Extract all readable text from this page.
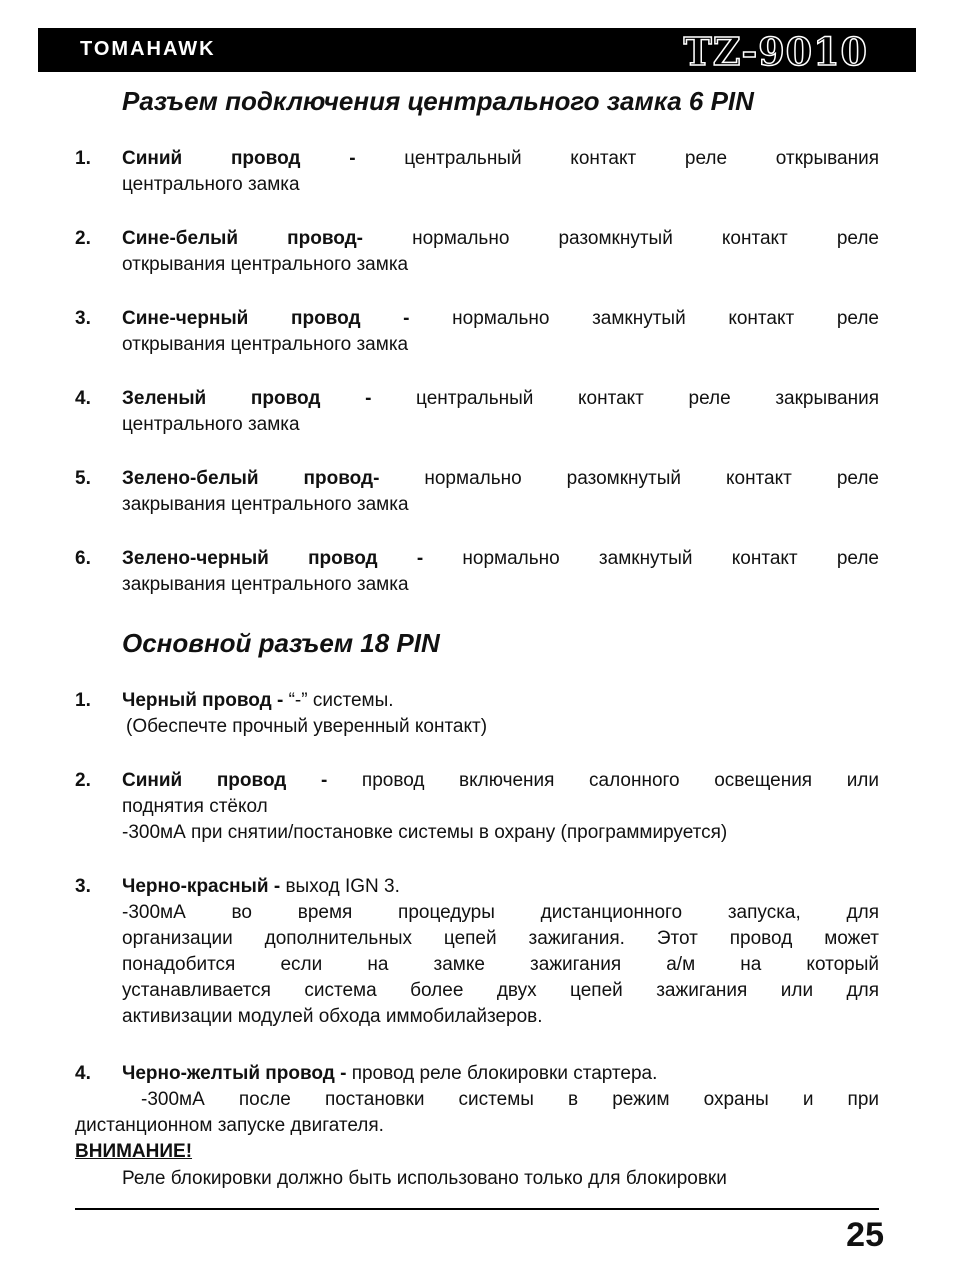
TOMAHAWK	TZ-9010
Разъем подключения центрального замка 6 PIN
1. Синий провод - центральный контакт реле открывания
центрального замка
2. Сине-белый провод- нормально разомкнутый контакт реле
открывания центрального замка
3. Сине-черный провод - нормально замкнутый контакт реле
открывания центрального замка
4. Зеленый провод - центральный контакт реле закрывания
центрального замка
5. Зелено-белый провод- нормально разомкнутый контакт реле
закрывания центрального замка
6. Зелено-черный провод - нормально замкнутый контакт реле
закрывания центрального замка
Основной разъем 18 PIN
1. Черный провод - “-” системы.
(Обеспечте прочный уверенный контакт)
2. Синий провод - провод включения салонного освещения или
поднятия стёкол
-300мА при снятии/постановке системы в охрану (программируется)
3. Черно-красный - выход IGN 3.
-300мА во время процедуры дистанционного запуска, для
организации дополнительных цепей зажигания. Этот провод может
понадобится если на замке зажигания а/м на который
устанавливается система более двух цепей зажигания или для
активизации модулей обхода иммобилайзеров.
4. Черно-желтый провод - провод реле блокировки стартера.
-300мА после постановки системы в режим охраны и при
дистанционном запуске двигателя.
ВНИМАНИЕ!
Реле блокировки должно быть использовано только для блокировки
25
